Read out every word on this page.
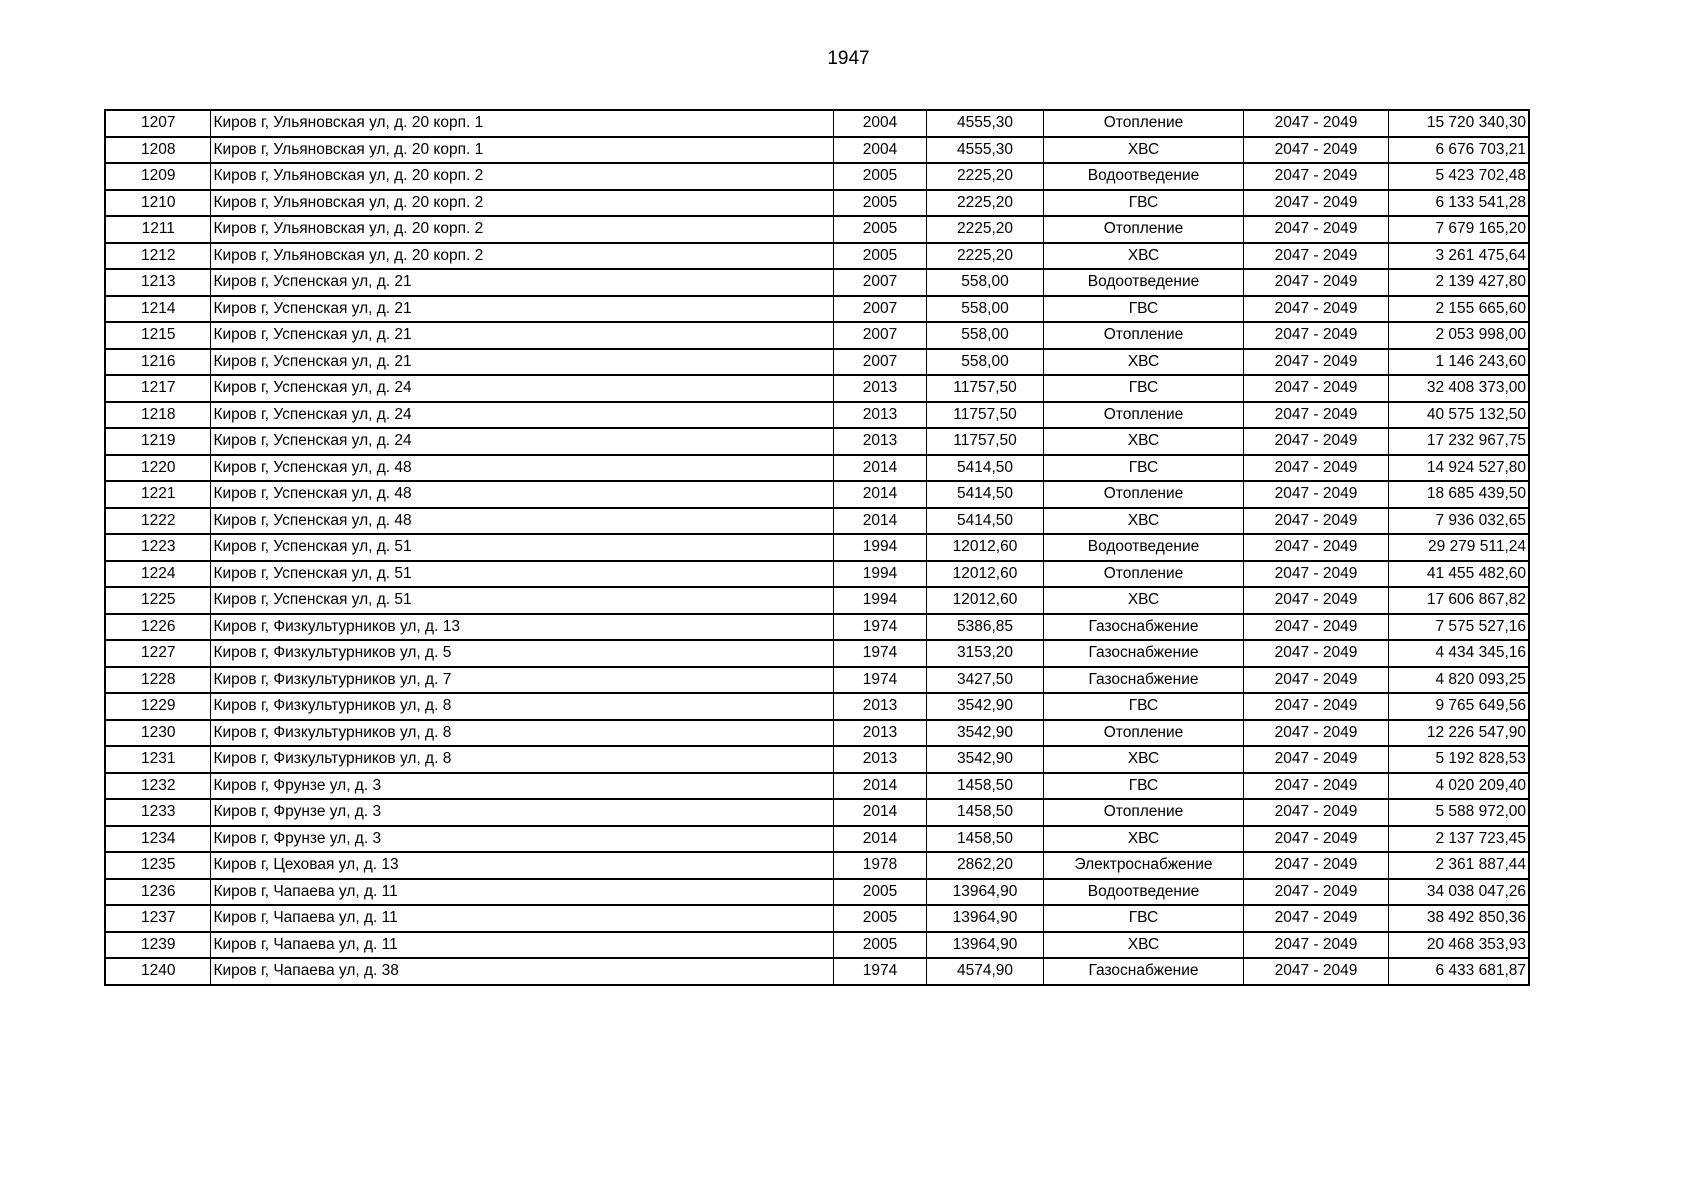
1947
1207	Киров г, Ульяновская ул, д. 20 корп. 1	2004	4555,30	Отопление	2047 - 2049	15 720 340,30
1208	Киров г, Ульяновская ул, д. 20 корп. 1	2004	4555,30	ХВС	2047 - 2049	6 676 703,21
1209	Киров г, Ульяновская ул, д. 20 корп. 2	2005	2225,20	Водоотведение	2047 - 2049	5 423 702,48
1210	Киров г, Ульяновская ул, д. 20 корп. 2	2005	2225,20	ГВС	2047 - 2049	6 133 541,28
1211	Киров г, Ульяновская ул, д. 20 корп. 2	2005	2225,20	Отопление	2047 - 2049	7 679 165,20
1212	Киров г, Ульяновская ул, д. 20 корп. 2	2005	2225,20	ХВС	2047 - 2049	3 261 475,64
1213	Киров г, Успенская ул, д. 21	2007	558,00	Водоотведение	2047 - 2049	2 139 427,80
1214	Киров г, Успенская ул, д. 21	2007	558,00	ГВС	2047 - 2049	2 155 665,60
1215	Киров г, Успенская ул, д. 21	2007	558,00	Отопление	2047 - 2049	2 053 998,00
1216	Киров г, Успенская ул, д. 21	2007	558,00	ХВС	2047 - 2049	1 146 243,60
1217	Киров г, Успенская ул, д. 24	2013	11757,50	ГВС	2047 - 2049	32 408 373,00
1218	Киров г, Успенская ул, д. 24	2013	11757,50	Отопление	2047 - 2049	40 575 132,50
1219	Киров г, Успенская ул, д. 24	2013	11757,50	ХВС	2047 - 2049	17 232 967,75
1220	Киров г, Успенская ул, д. 48	2014	5414,50	ГВС	2047 - 2049	14 924 527,80
1221	Киров г, Успенская ул, д. 48	2014	5414,50	Отопление	2047 - 2049	18 685 439,50
1222	Киров г, Успенская ул, д. 48	2014	5414,50	ХВС	2047 - 2049	7 936 032,65
1223	Киров г, Успенская ул, д. 51	1994	12012,60	Водоотведение	2047 - 2049	29 279 511,24
1224	Киров г, Успенская ул, д. 51	1994	12012,60	Отопление	2047 - 2049	41 455 482,60
1225	Киров г, Успенская ул, д. 51	1994	12012,60	ХВС	2047 - 2049	17 606 867,82
1226	Киров г, Физкультурников ул, д. 13	1974	5386,85	Газоснабжение	2047 - 2049	7 575 527,16
1227	Киров г, Физкультурников ул, д. 5	1974	3153,20	Газоснабжение	2047 - 2049	4 434 345,16
1228	Киров г, Физкультурников ул, д. 7	1974	3427,50	Газоснабжение	2047 - 2049	4 820 093,25
1229	Киров г, Физкультурников ул, д. 8	2013	3542,90	ГВС	2047 - 2049	9 765 649,56
1230	Киров г, Физкультурников ул, д. 8	2013	3542,90	Отопление	2047 - 2049	12 226 547,90
1231	Киров г, Физкультурников ул, д. 8	2013	3542,90	ХВС	2047 - 2049	5 192 828,53
1232	Киров г, Фрунзе ул, д. 3	2014	1458,50	ГВС	2047 - 2049	4 020 209,40
1233	Киров г, Фрунзе ул, д. 3	2014	1458,50	Отопление	2047 - 2049	5 588 972,00
1234	Киров г, Фрунзе ул, д. 3	2014	1458,50	ХВС	2047 - 2049	2 137 723,45
1235	Киров г, Цеховая ул, д. 13	1978	2862,20	Электроснабжение	2047 - 2049	2 361 887,44
1236	Киров г, Чапаева ул, д. 11	2005	13964,90	Водоотведение	2047 - 2049	34 038 047,26
1237	Киров г, Чапаева ул, д. 11	2005	13964,90	ГВС	2047 - 2049	38 492 850,36
1239	Киров г, Чапаева ул, д. 11	2005	13964,90	ХВС	2047 - 2049	20 468 353,93
1240	Киров г, Чапаева ул, д. 38	1974	4574,90	Газоснабжение	2047 - 2049	6 433 681,87
